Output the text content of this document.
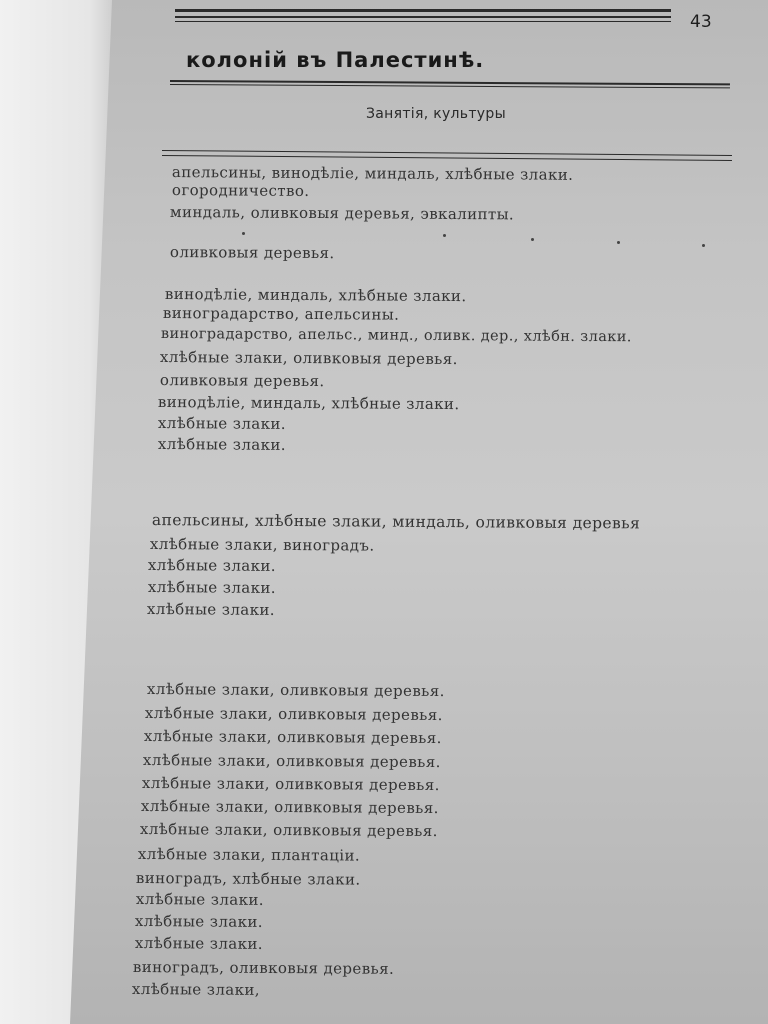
43
колоній въ Палестинѣ.
Занятія, культуры
апельсины, винодѣліе, миндаль, хлѣбные злаки.
огородничество.
миндаль, оливковыя деревья, эвкалипты.
оливковыя деревья.
винодѣліе, миндаль, хлѣбные злаки.
виноградарство, апельсины.
виноградарство, апельс., минд., оливк. дер., хлѣбн. злаки.
хлѣбные злаки, оливковыя деревья.
оливковыя деревья.
винодѣліе, миндаль, хлѣбные злаки.
хлѣбные злаки.
хлѣбные злаки.
апельсины, хлѣбные злаки, миндаль, оливковыя деревья
хлѣбные злаки, виноградъ.
хлѣбные злаки.
хлѣбные злаки.
хлѣбные злаки.
хлѣбные злаки, оливковыя деревья.
хлѣбные злаки, оливковыя деревья.
хлѣбные злаки, оливковыя деревья.
хлѣбные злаки, оливковыя деревья.
хлѣбные злаки, оливковыя деревья.
хлѣбные злаки, оливковыя деревья.
хлѣбные злаки, оливковыя деревья.
хлѣбные злаки, плантаціи.
виноградъ, хлѣбные злаки.
хлѣбные злаки.
хлѣбные злаки.
хлѣбные злаки.
виноградъ, оливковыя деревья.
хлѣбные злаки,
